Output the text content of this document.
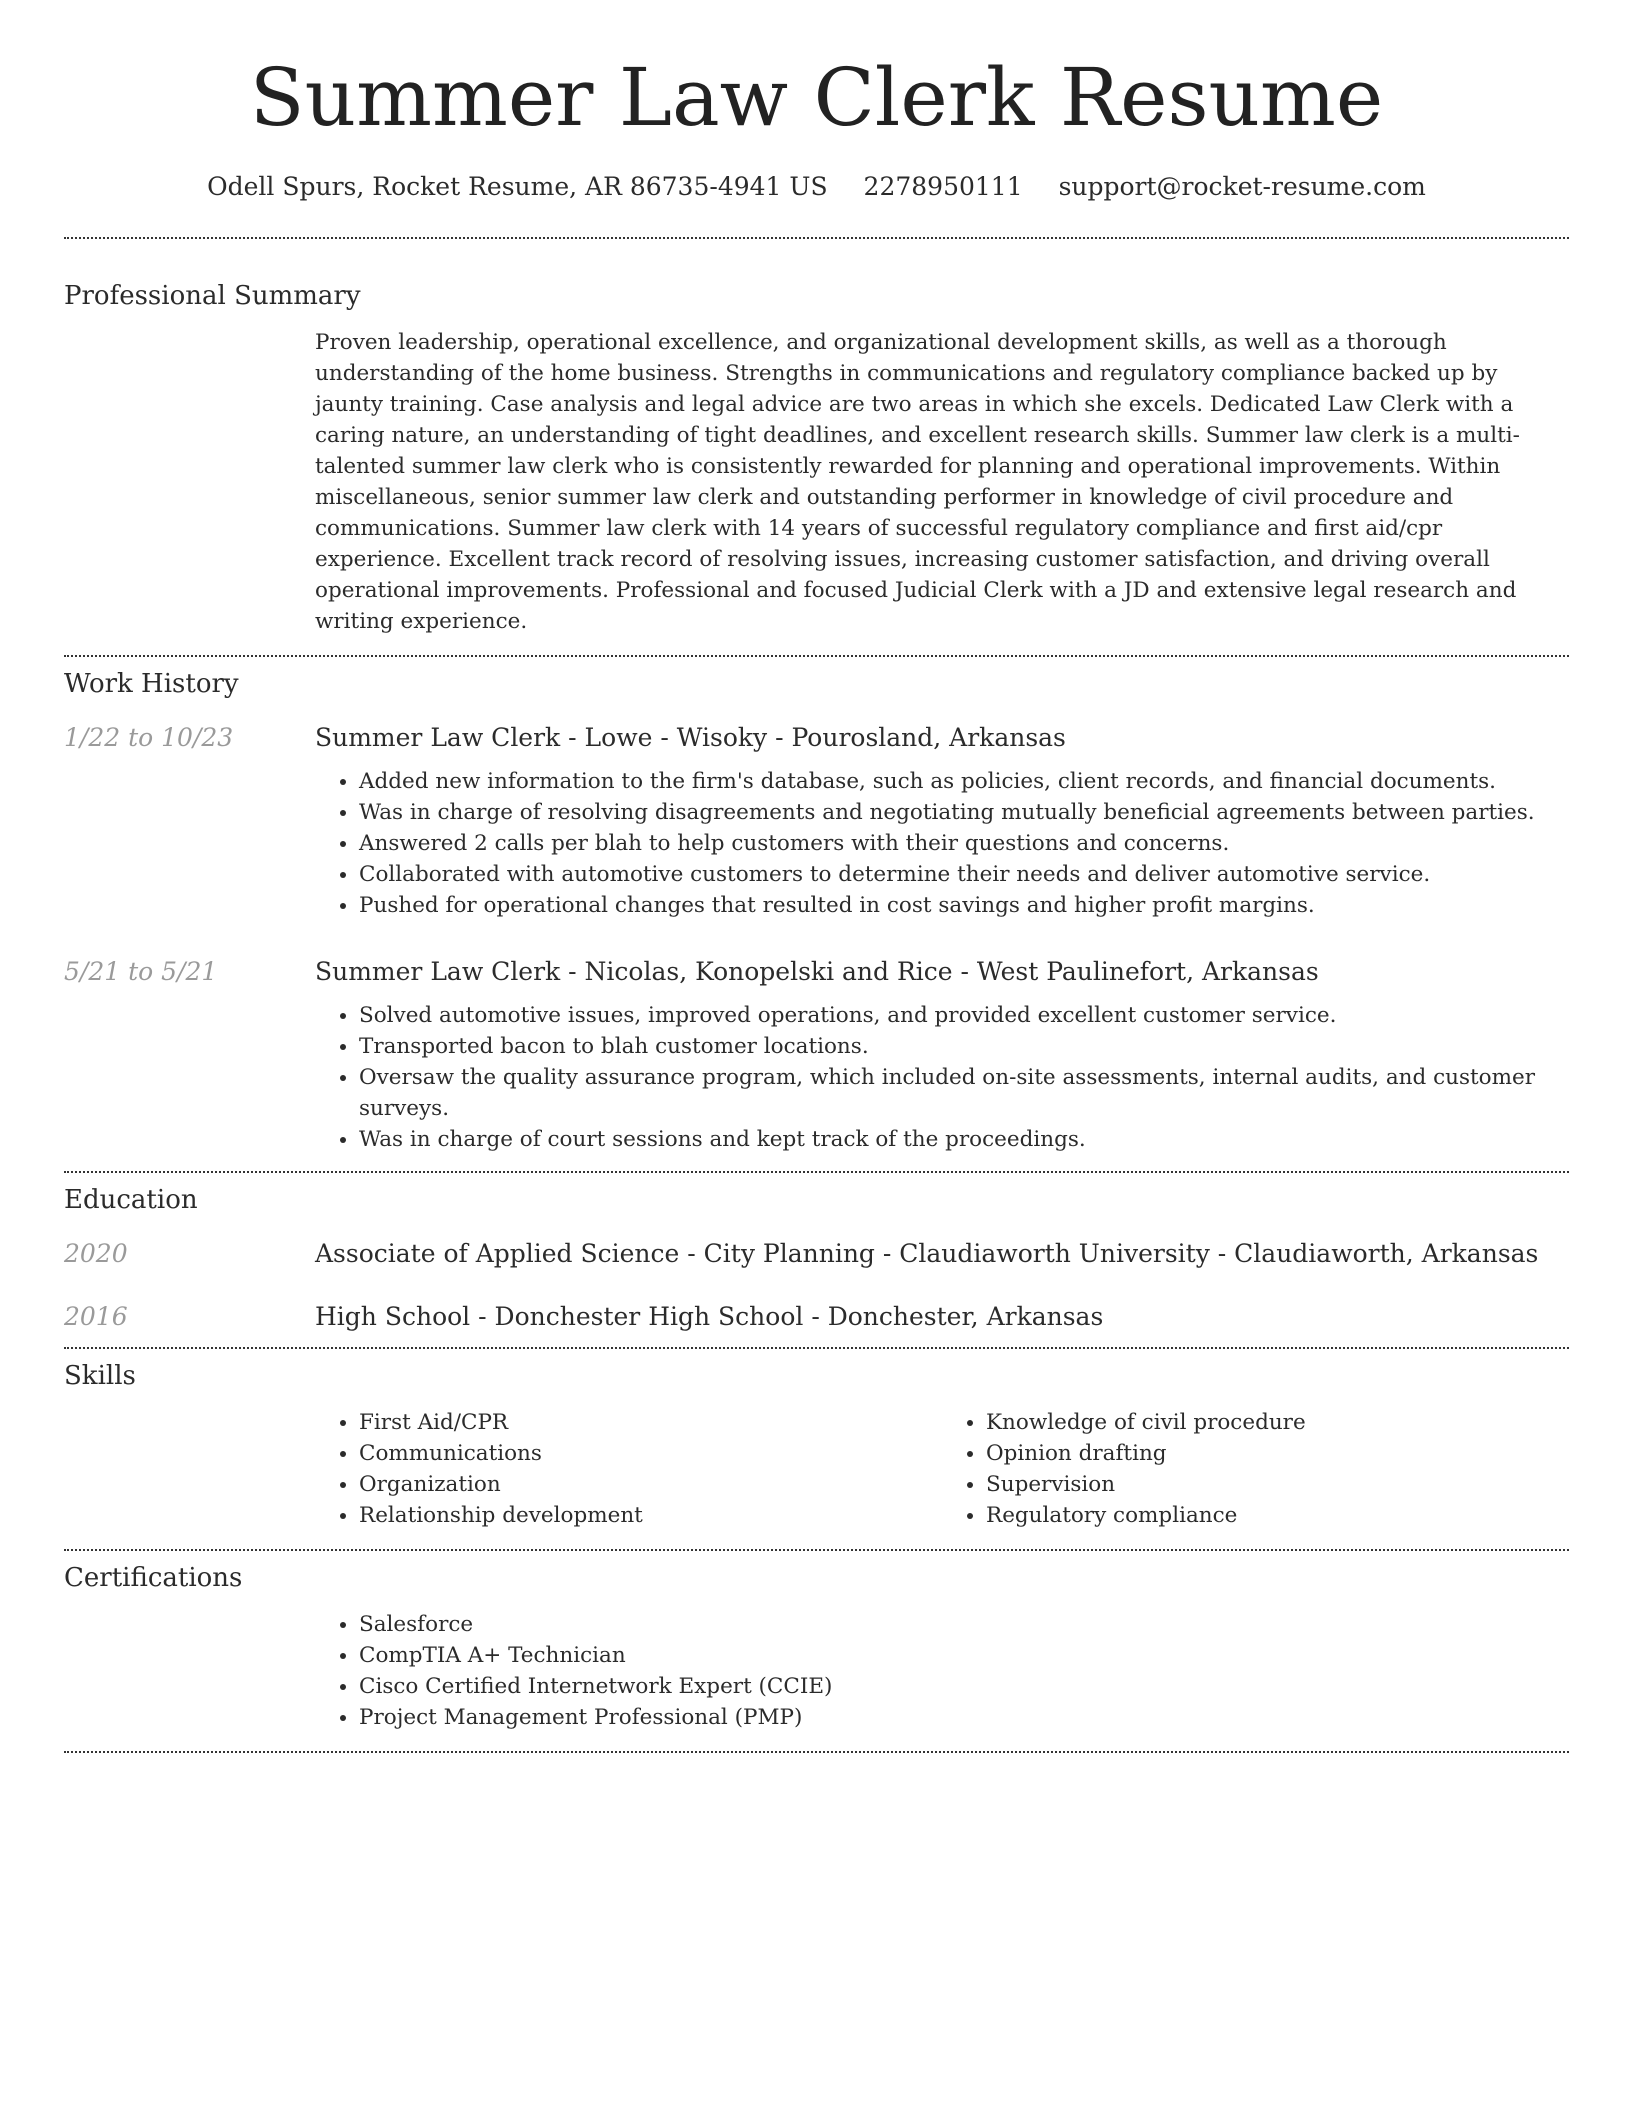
Summer Law Clerk Resume
Odell Spurs, Rocket Resume, AR 86735-4941 US 2278950111 support@rocket-resume.com
Professional Summary
Proven leadership, operational excellence, and organizational development skills, as well as a thorough understanding of the home business. Strengths in communications and regulatory compliance backed up by jaunty training. Case analysis and legal advice are two areas in which she excels. Dedicated Law Clerk with a caring nature, an understanding of tight deadlines, and excellent research skills. Summer law clerk is a multi-talented summer law clerk who is consistently rewarded for planning and operational improvements. Within miscellaneous, senior summer law clerk and outstanding performer in knowledge of civil procedure and communications. Summer law clerk with 14 years of successful regulatory compliance and first aid/cpr experience. Excellent track record of resolving issues, increasing customer satisfaction, and driving overall operational improvements. Professional and focused Judicial Clerk with a JD and extensive legal research and writing experience.
Work History
1/22 to 10/23	Summer Law Clerk - Lowe - Wisoky - Pourosland, Arkansas
• Added new information to the firm's database, such as policies, client records, and financial documents.
• Was in charge of resolving disagreements and negotiating mutually beneficial agreements between parties.
• Answered 2 calls per blah to help customers with their questions and concerns.
• Collaborated with automotive customers to determine their needs and deliver automotive service.
• Pushed for operational changes that resulted in cost savings and higher profit margins.
5/21 to 5/21	Summer Law Clerk - Nicolas, Konopelski and Rice - West Paulinefort, Arkansas
• Solved automotive issues, improved operations, and provided excellent customer service.
• Transported bacon to blah customer locations.
• Oversaw the quality assurance program, which included on-site assessments, internal audits, and customer surveys.
• Was in charge of court sessions and kept track of the proceedings.
Education
2020	Associate of Applied Science - City Planning - Claudiaworth University - Claudiaworth, Arkansas
2016	High School - Donchester High School - Donchester, Arkansas
Skills
• First Aid/CPR
• Communications
• Organization
• Relationship development
• Knowledge of civil procedure
• Opinion drafting
• Supervision
• Regulatory compliance
Certifications
• Salesforce
• CompTIA A+ Technician
• Cisco Certified Internetwork Expert (CCIE)
• Project Management Professional (PMP)
